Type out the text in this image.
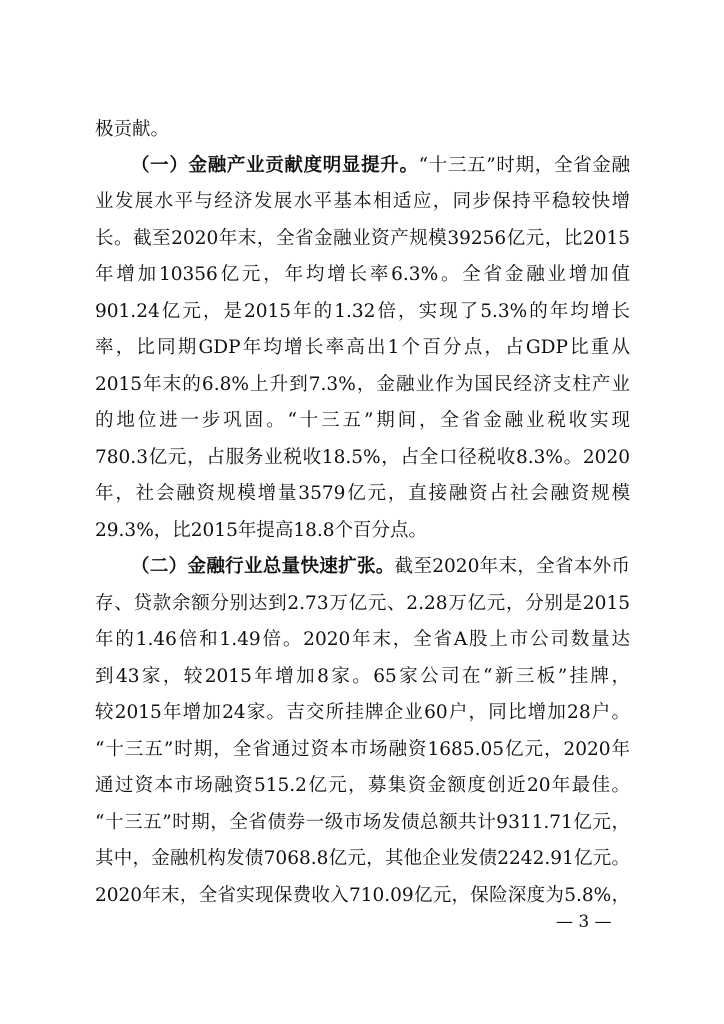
极贡献。
（一）金融产业贡献度明显提升。“十三五”时期，全省金融
业发展水平与经济发展水平基本相适应，同步保持平稳较快增
长。截至2020年末，全省金融业资产规模39256亿元，比2015
年增加10356亿元，年均增长率6.3%。全省金融业增加值
901.24亿元，是2015年的1.32倍，实现了5.3%的年均增长
率，比同期GDP年均增长率高出1个百分点，占GDP比重从
2015年末的6.8%上升到7.3%，金融业作为国民经济支柱产业
的地位进一步巩固。“十三五”期间，全省金融业税收实现
780.3亿元，占服务业税收18.5%，占全口径税收8.3%。2020
年，社会融资规模增量3579亿元，直接融资占社会融资规模
29.3%，比2015年提高18.8个百分点。
（二）金融行业总量快速扩张。截至2020年末，全省本外币
存、贷款余额分别达到2.73万亿元、2.28万亿元，分别是2015
年的1.46倍和1.49倍。2020年末，全省A股上市公司数量达
到43家，较2015年增加8家。65家公司在“新三板”挂牌，
较2015年增加24家。吉交所挂牌企业60户，同比增加28户。
“十三五”时期，全省通过资本市场融资1685.05亿元，2020年
通过资本市场融资515.2亿元，募集资金额度创近20年最佳。
“十三五”时期，全省债券一级市场发债总额共计9311.71亿元，
其中，金融机构发债7068.8亿元，其他企业发债2242.91亿元。
2020年末，全省实现保费收入710.09亿元，保险深度为5.8%，
— 3 —
